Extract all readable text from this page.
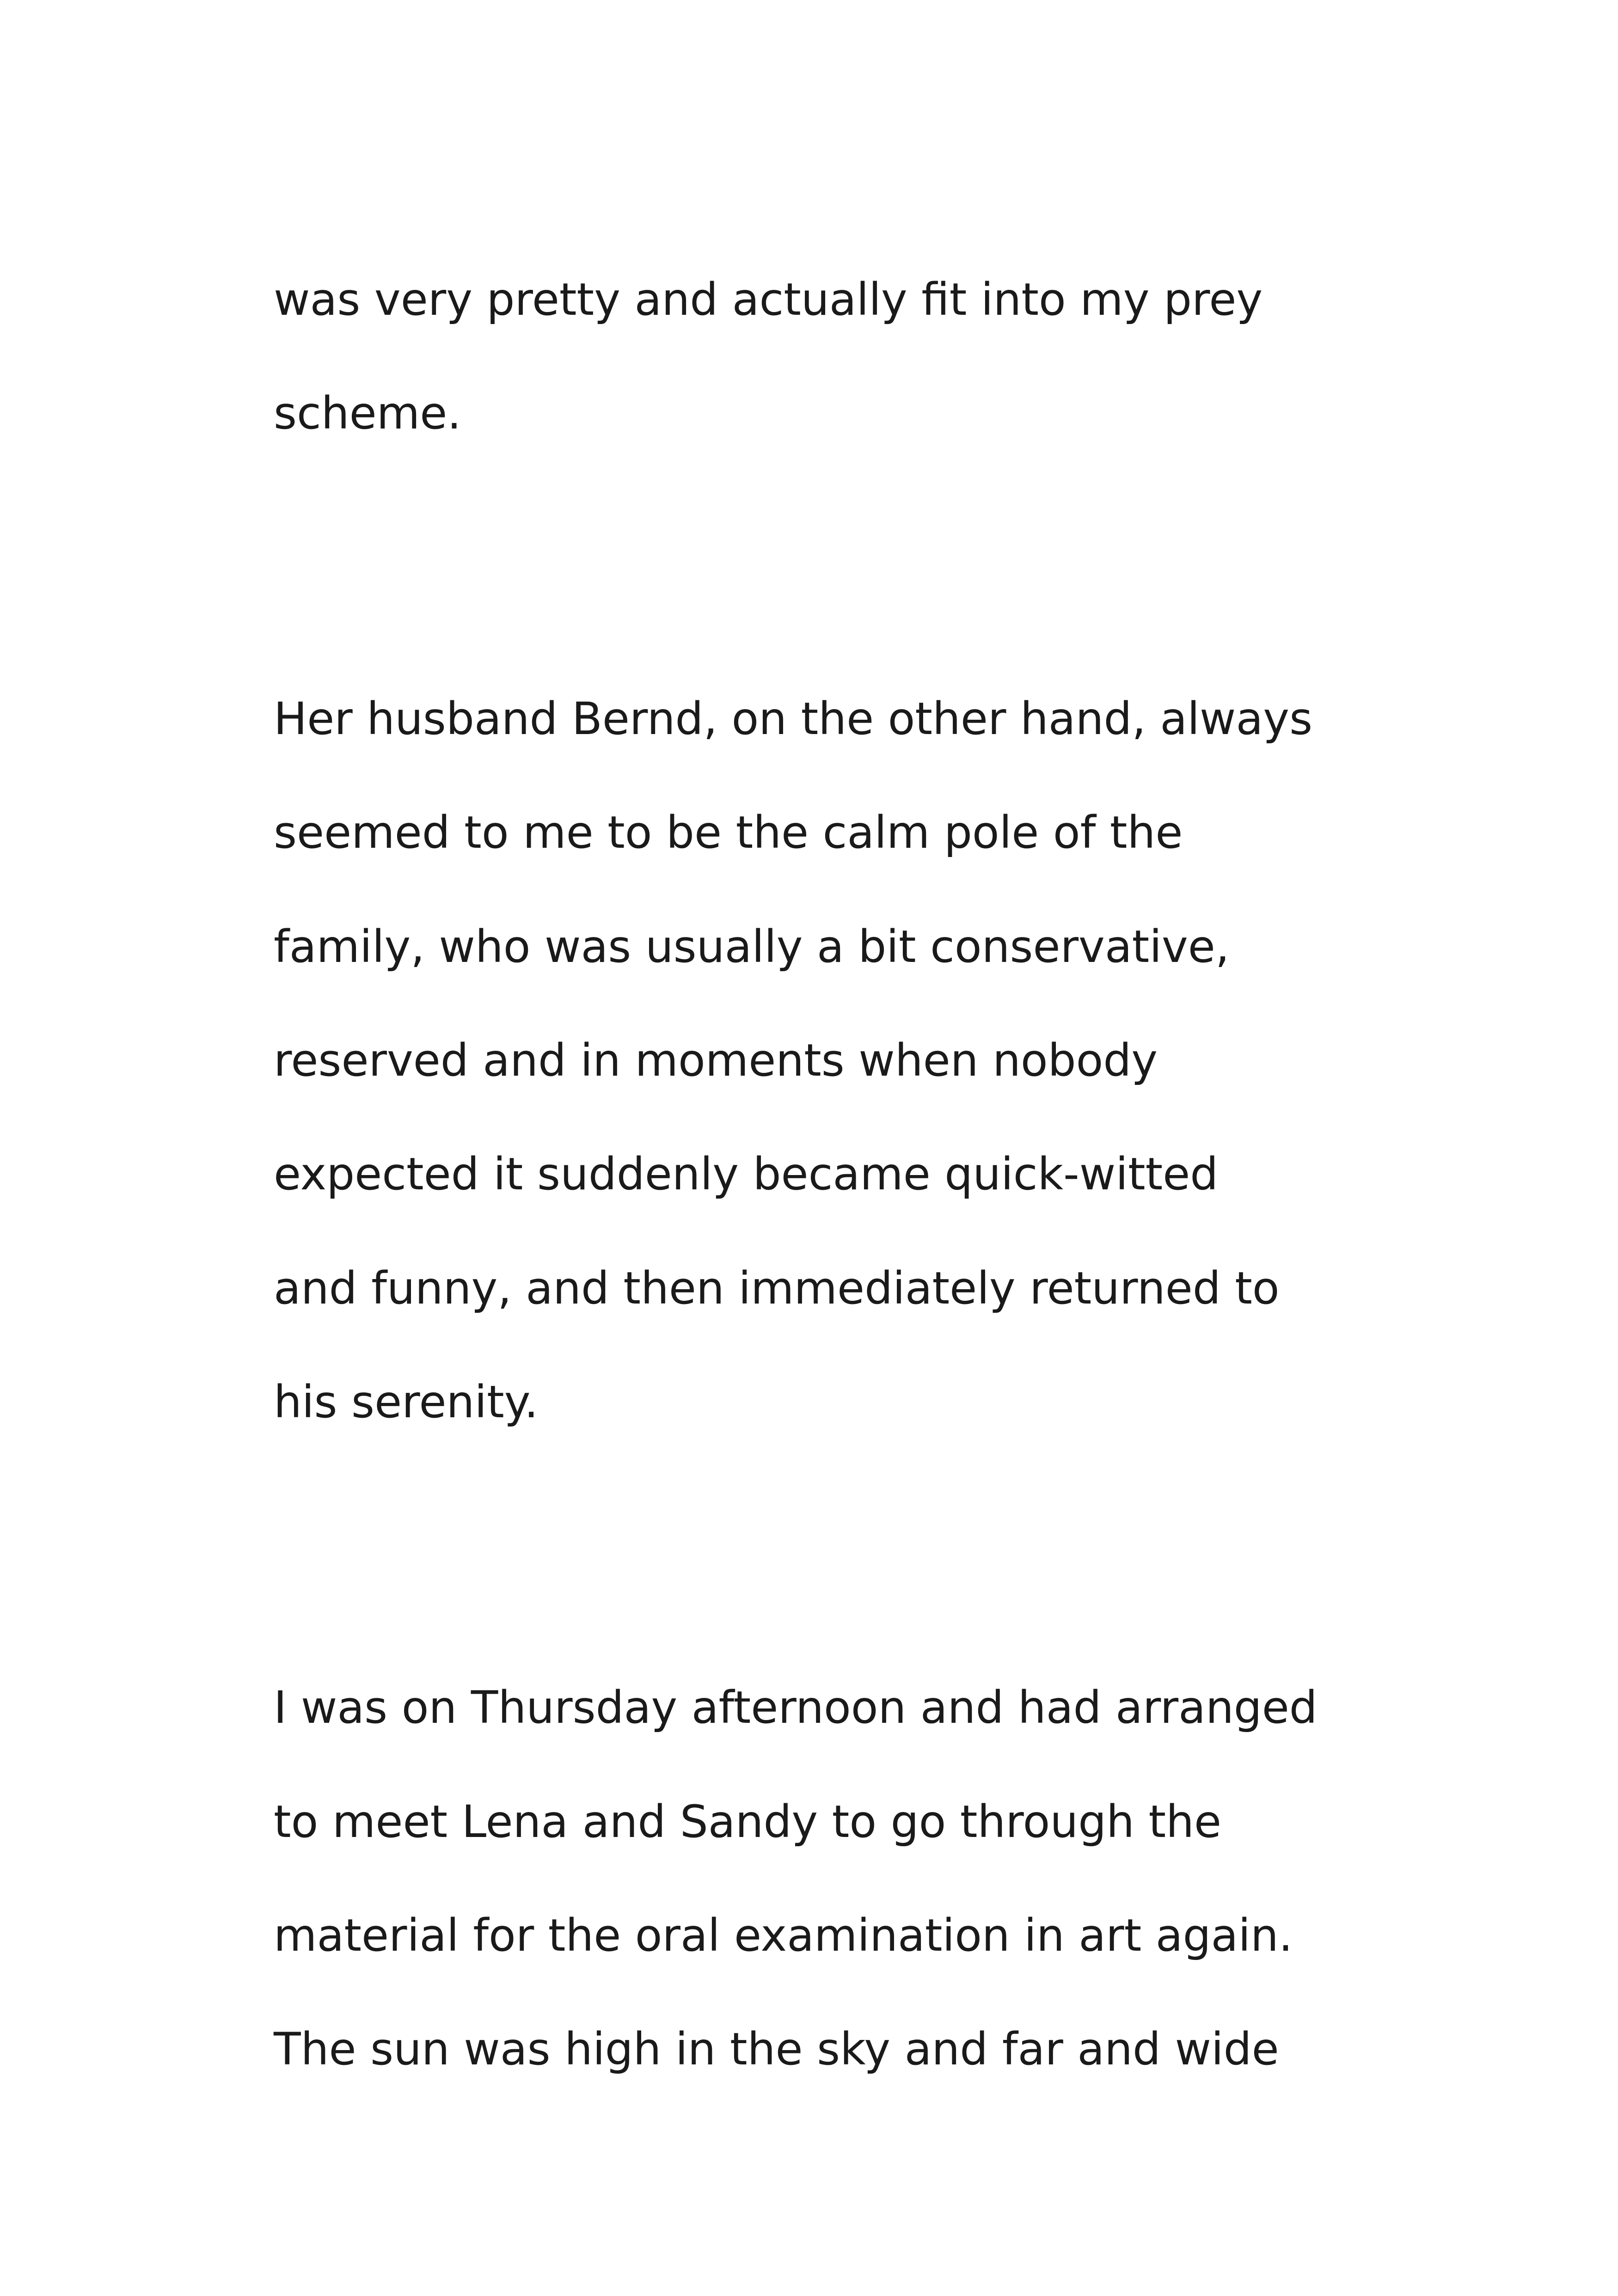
was very pretty and actually fit into my prey

scheme.

Her husband Bernd, on the other hand, always

seemed to me to be the calm pole of the

family, who was usually a bit conservative,

reserved and in moments when nobody

expected it suddenly became quick-witted

and funny, and then immediately returned to

his serenity.

I was on Thursday afternoon and had arranged

to meet Lena and Sandy to go through the

material for the oral examination in art again.

The sun was high in the sky and far and wide
